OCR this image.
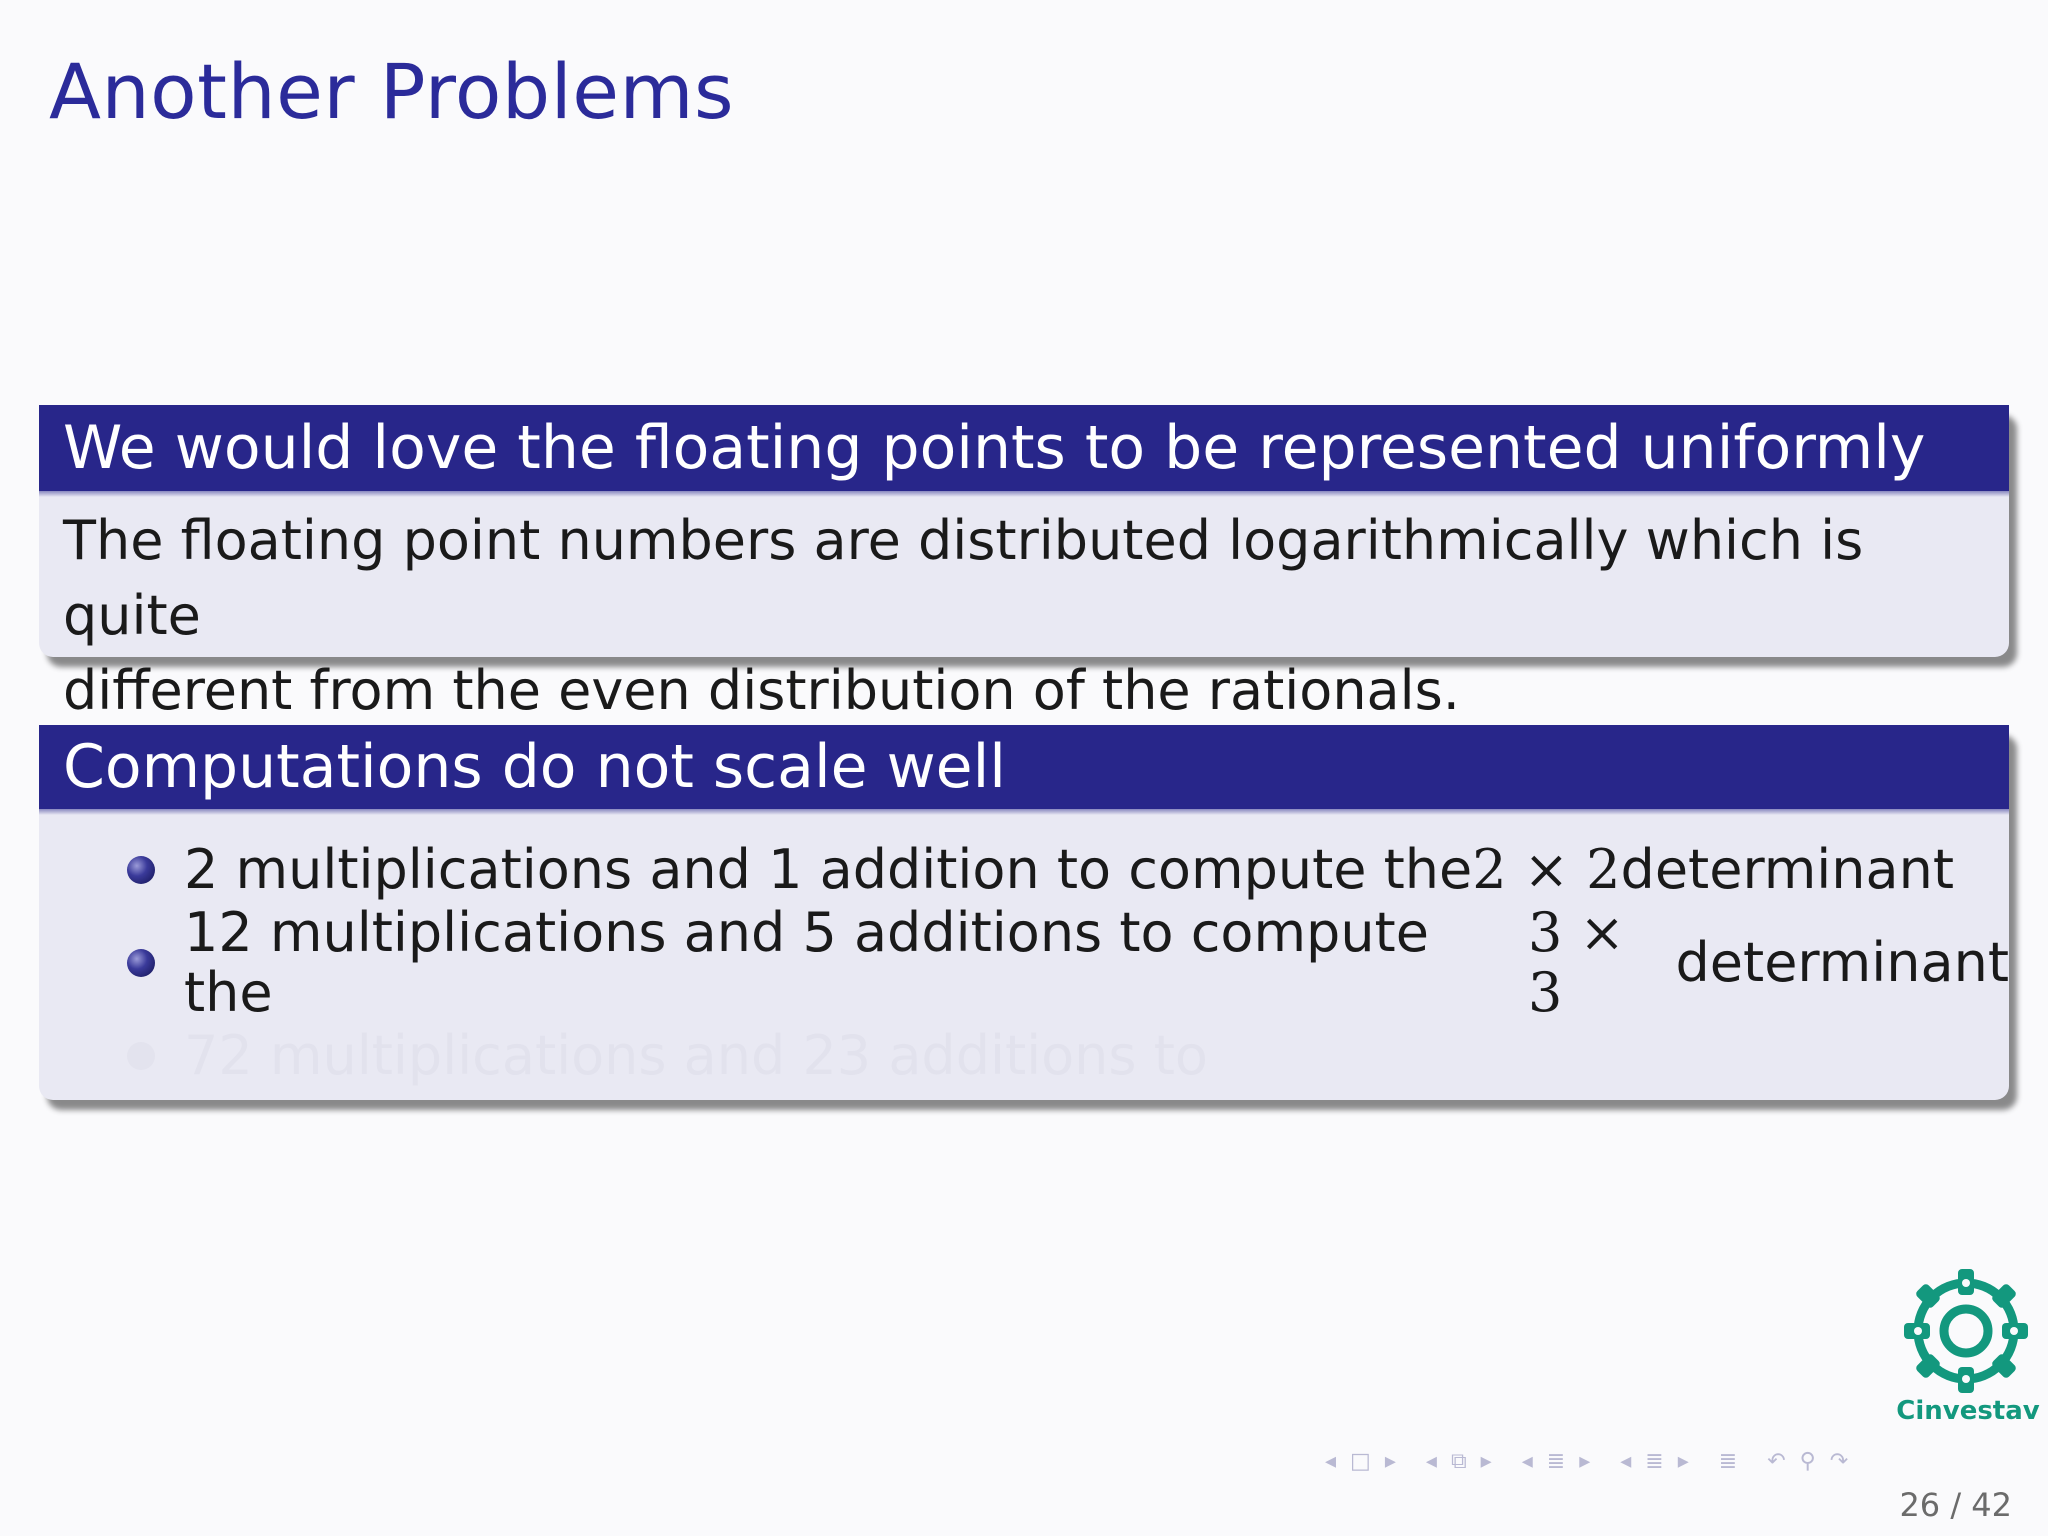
Another Problems
We would love the floating points to be represented uniformly
The floating point numbers are distributed logarithmically which is quite
different from the even distribution of the rationals.
Computations do not scale well
2 multiplications and 1 addition to compute the 2 × 2 determinant
12 multiplications and 5 additions to compute the
3 × 3	determinant
72 multiplications and 23 additions to
Cinvestav
◂ □ ▸ ◂ ⧉ ▸ ◂ ≣ ▸ ◂ ≣ ▸ ≣ ↶ ⚲ ↷
26 / 42
